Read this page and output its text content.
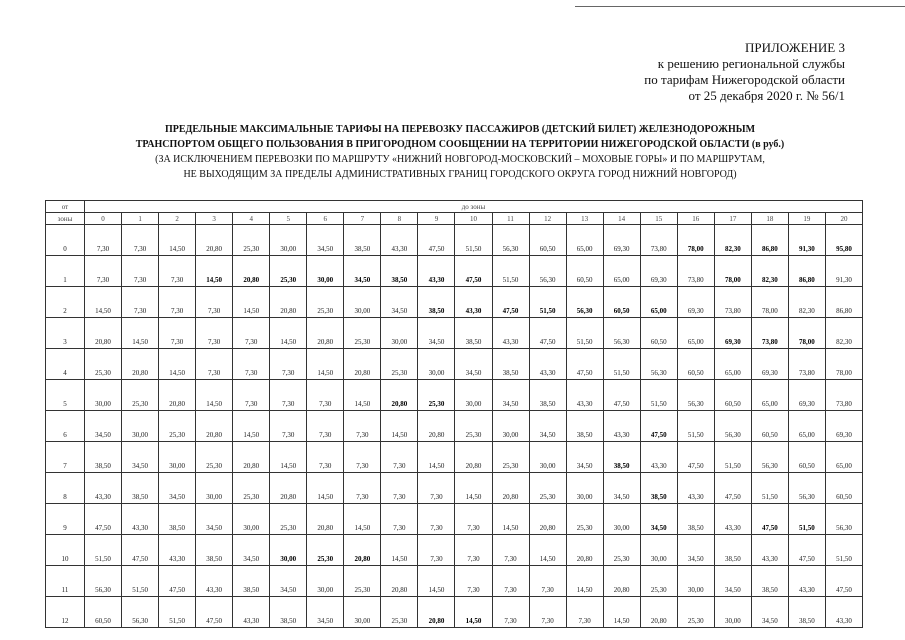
ПРИЛОЖЕНИЕ 3
к решению региональной службы
по тарифам Нижегородской области
от 25 декабря 2020 г. № 56/1
ПРЕДЕЛЬНЫЕ МАКСИМАЛЬНЫЕ ТАРИФЫ НА ПЕРЕВОЗКУ ПАССАЖИРОВ (ДЕТСКИЙ БИЛЕТ) ЖЕЛЕЗНОДОРОЖНЫМ
ТРАНСПОРТОМ ОБЩЕГО ПОЛЬЗОВАНИЯ В ПРИГОРОДНОМ СООБЩЕНИИ НА ТЕРРИТОРИИ НИЖЕГОРОДСКОЙ ОБЛАСТИ (в руб.)
(ЗА ИСКЛЮЧЕНИЕМ ПЕРЕВОЗКИ ПО МАРШРУТУ «НИЖНИЙ НОВГОРОД-МОСКОВСКИЙ – МОХОВЫЕ ГОРЫ» И ПО МАРШРУТАМ,
НЕ ВЫХОДЯЩИМ ЗА ПРЕДЕЛЫ АДМИНИСТРАТИВНЫХ ГРАНИЦ ГОРОДСКОГО ОКРУГА ГОРОД НИЖНИЙ НОВГОРОД)
от	до зоны																				
зоны	0	1	2	3	4	5	6	7	8	9	10	11	12	13	14	15	16	17	18	19	20
0	7,30	7,30	14,50	20,80	25,30	30,00	34,50	38,50	43,30	47,50	51,50	56,30	60,50	65,00	69,30	73,80	78,00	82,30	86,80	91,30	95,80
1	7,30	7,30	7,30	14,50	20,80	25,30	30,00	34,50	38,50	43,30	47,50	51,50	56,30	60,50	65,00	69,30	73,80	78,00	82,30	86,80	91,30
2	14,50	7,30	7,30	7,30	14,50	20,80	25,30	30,00	34,50	38,50	43,30	47,50	51,50	56,30	60,50	65,00	69,30	73,80	78,00	82,30	86,80
3	20,80	14,50	7,30	7,30	7,30	14,50	20,80	25,30	30,00	34,50	38,50	43,30	47,50	51,50	56,30	60,50	65,00	69,30	73,80	78,00	82,30
4	25,30	20,80	14,50	7,30	7,30	7,30	14,50	20,80	25,30	30,00	34,50	38,50	43,30	47,50	51,50	56,30	60,50	65,00	69,30	73,80	78,00
5	30,00	25,30	20,80	14,50	7,30	7,30	7,30	14,50	20,80	25,30	30,00	34,50	38,50	43,30	47,50	51,50	56,30	60,50	65,00	69,30	73,80
6	34,50	30,00	25,30	20,80	14,50	7,30	7,30	7,30	14,50	20,80	25,30	30,00	34,50	38,50	43,30	47,50	51,50	56,30	60,50	65,00	69,30
7	38,50	34,50	30,00	25,30	20,80	14,50	7,30	7,30	7,30	14,50	20,80	25,30	30,00	34,50	38,50	43,30	47,50	51,50	56,30	60,50	65,00
8	43,30	38,50	34,50	30,00	25,30	20,80	14,50	7,30	7,30	7,30	14,50	20,80	25,30	30,00	34,50	38,50	43,30	47,50	51,50	56,30	60,50
9	47,50	43,30	38,50	34,50	30,00	25,30	20,80	14,50	7,30	7,30	7,30	14,50	20,80	25,30	30,00	34,50	38,50	43,30	47,50	51,50	56,30
10	51,50	47,50	43,30	38,50	34,50	30,00	25,30	20,80	14,50	7,30	7,30	7,30	14,50	20,80	25,30	30,00	34,50	38,50	43,30	47,50	51,50
11	56,30	51,50	47,50	43,30	38,50	34,50	30,00	25,30	20,80	14,50	7,30	7,30	7,30	14,50	20,80	25,30	30,00	34,50	38,50	43,30	47,50
12	60,50	56,30	51,50	47,50	43,30	38,50	34,50	30,00	25,30	20,80	14,50	7,30	7,30	7,30	14,50	20,80	25,30	30,00	34,50	38,50	43,30
